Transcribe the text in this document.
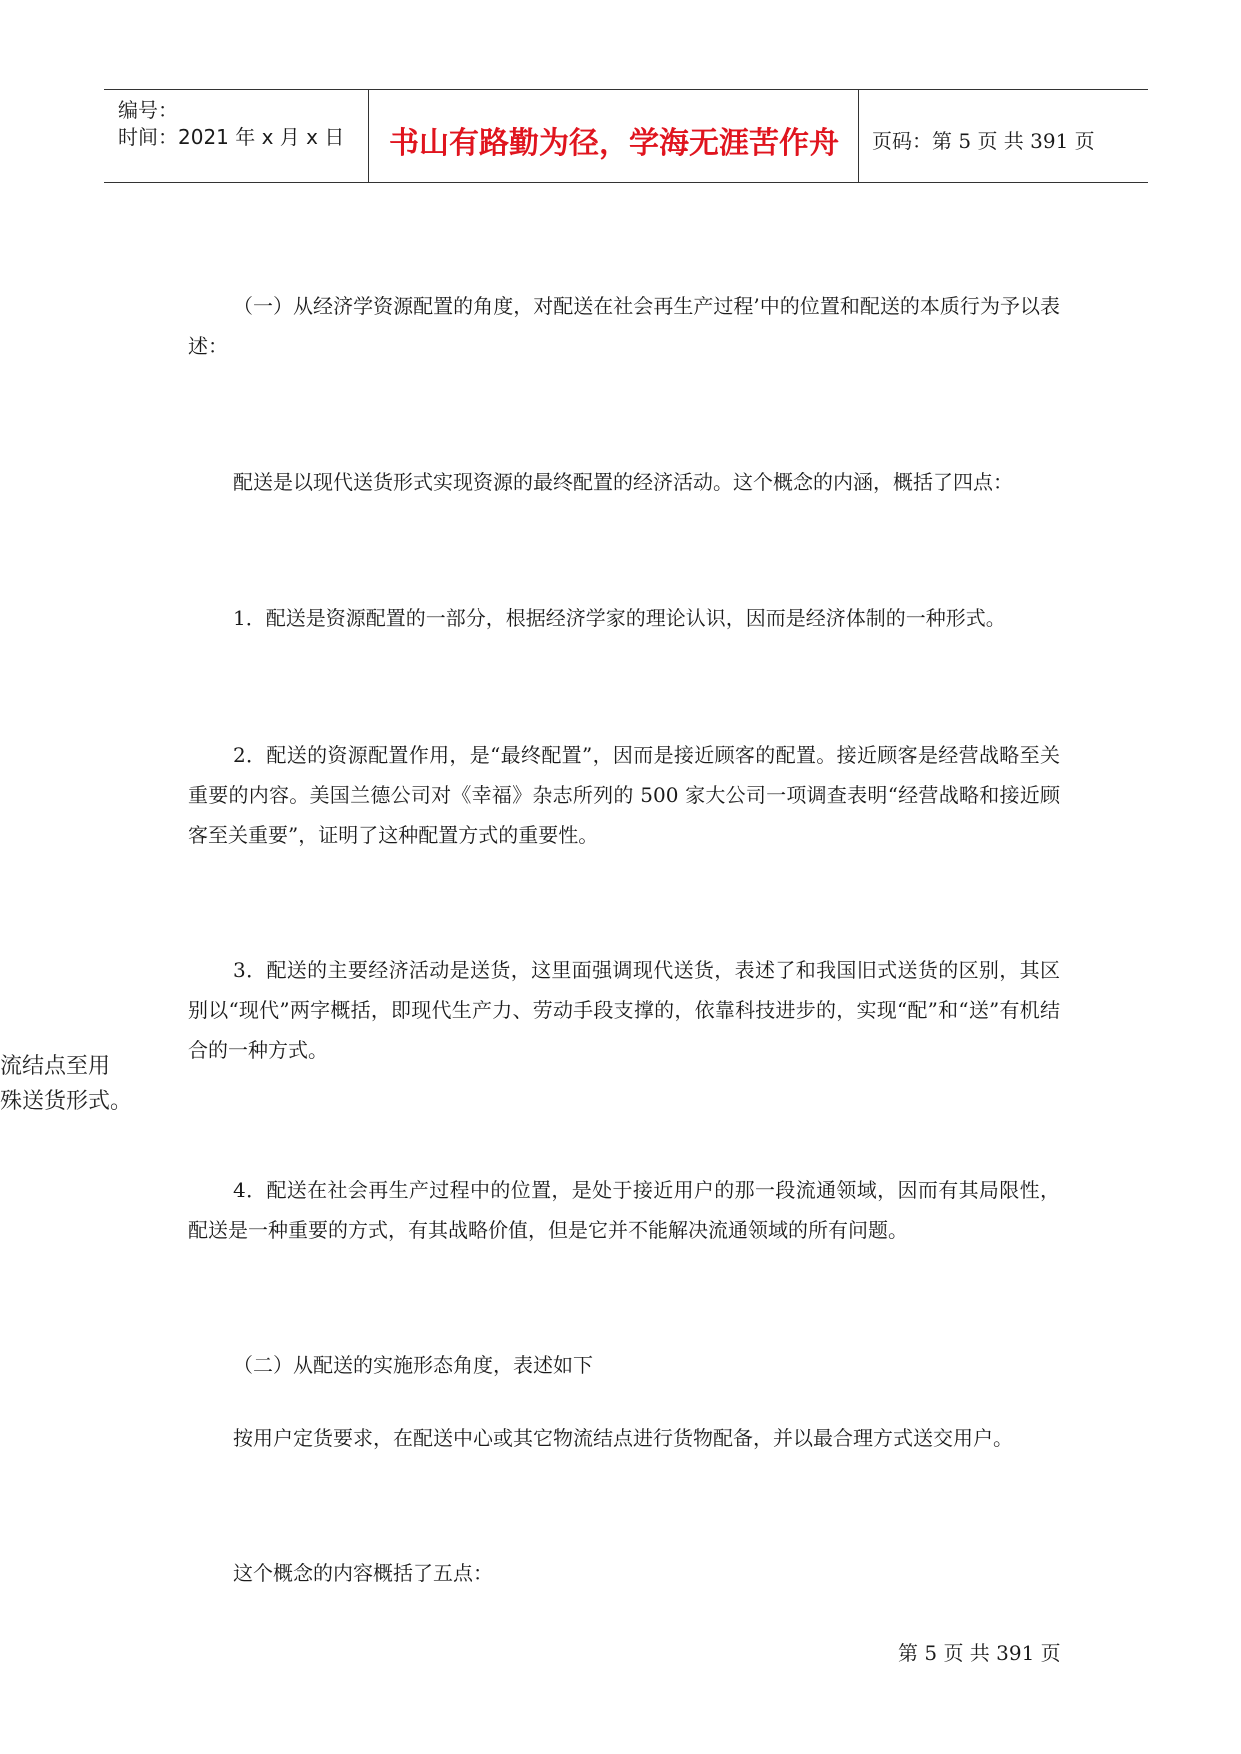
编号：
时间：2021 年 x 月 x 日	书山有路勤为径，学海无涯苦作舟	页码：第 5 页 共 391 页
流结点至用
殊送货形式。

（一）从经济学资源配置的角度，对配送在社会再生产过程’中的位置和配送的本质行为予以表述：

配送是以现代送货形式实现资源的最终配置的经济活动。这个概念的内涵，概括了四点：

1．配送是资源配置的一部分，根据经济学家的理论认识，因而是经济体制的一种形式。

2．配送的资源配置作用，是“最终配置”，因而是接近顾客的配置。接近顾客是经营战略至关重要的内容。美国兰德公司对《幸福》杂志所列的 500 家大公司一项调查表明“经营战略和接近顾客至关重要”，证明了这种配置方式的重要性。

3．配送的主要经济活动是送货，这里面强调现代送货，表述了和我国旧式送货的区别，其区别以“现代”两字概括，即现代生产力、劳动手段支撑的，依靠科技进步的，实现“配”和“送”有机结合的一种方式。

4．配送在社会再生产过程中的位置，是处于接近用户的那一段流通领域，因而有其局限性，配送是一种重要的方式，有其战略价值，但是它并不能解决流通领域的所有问题。

（二）从配送的实施形态角度，表述如下

按用户定货要求，在配送中心或其它物流结点进行货物配备，并以最合理方式送交用户。

这个概念的内容概括了五点：

第 5 页 共 391 页
